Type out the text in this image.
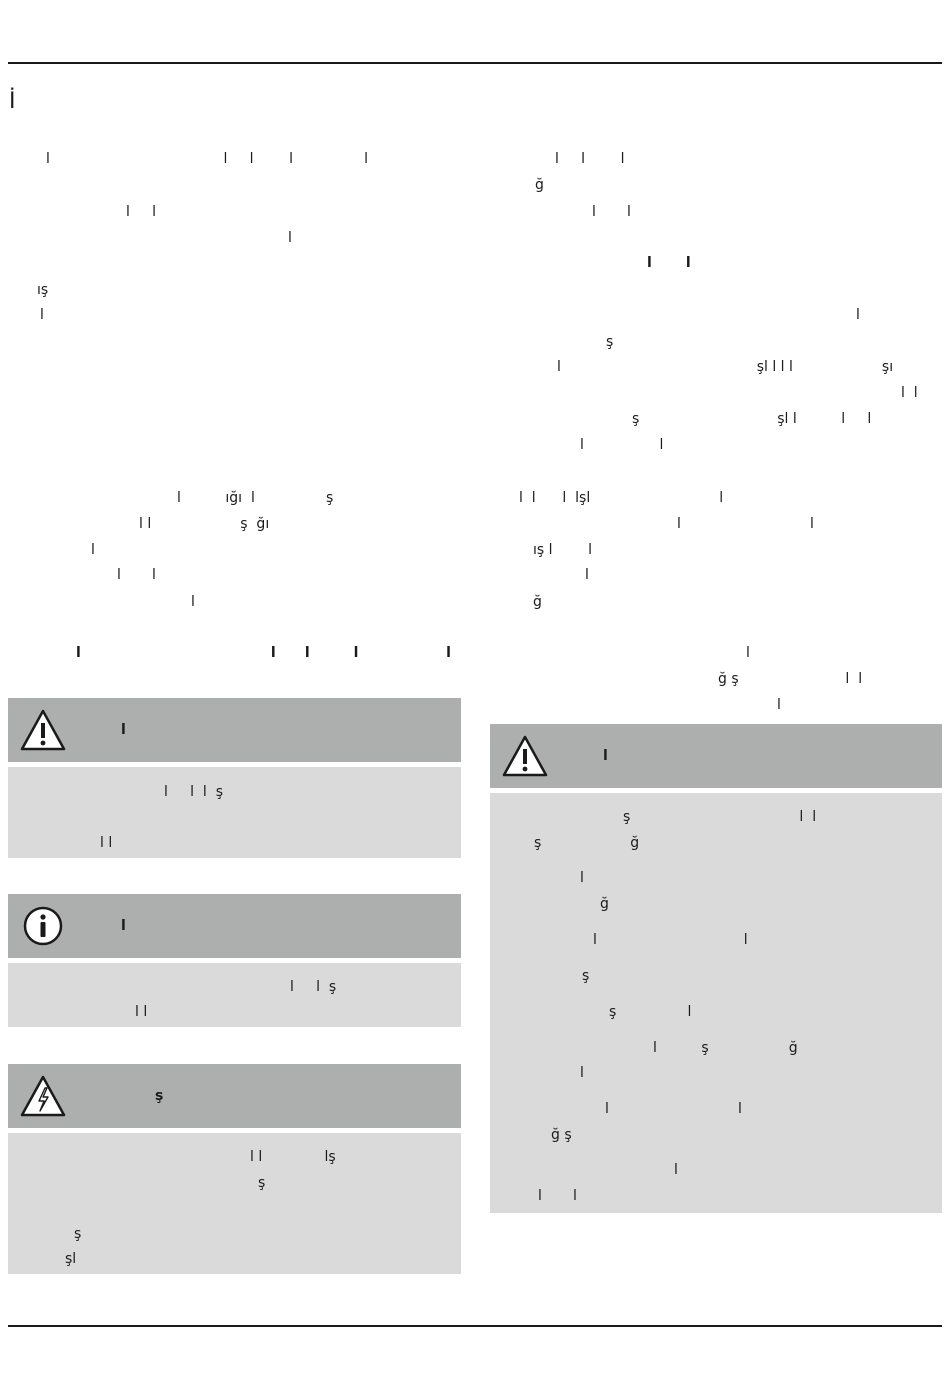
İ
l                                       l     l        l                l
l     l
l
ış
l
l          ığı  l                ş
l l                    ş  ğı
l
l       l
l
l                                       l      l         l                  l
l     l        l
ğ
l       l
l       l
l
ş
l                                            şl l l l                    şı
l  l
ş                               şl l          l     l
l                 l
l  l      l  lşl                             l
l                             l
ış l        l
l
ğ
l
ğ ş                        l  l
l
l
l     l  l  ş
l l
l
l     l  ş
l l
ş
l l              lş
ş
ş
şl
l
ş                                      l  l
ş                    ğ
l
ğ
l                                 l
ş
ş                l
l          ş                  ğ
l
l                             l
ğ ş
l
l       l
